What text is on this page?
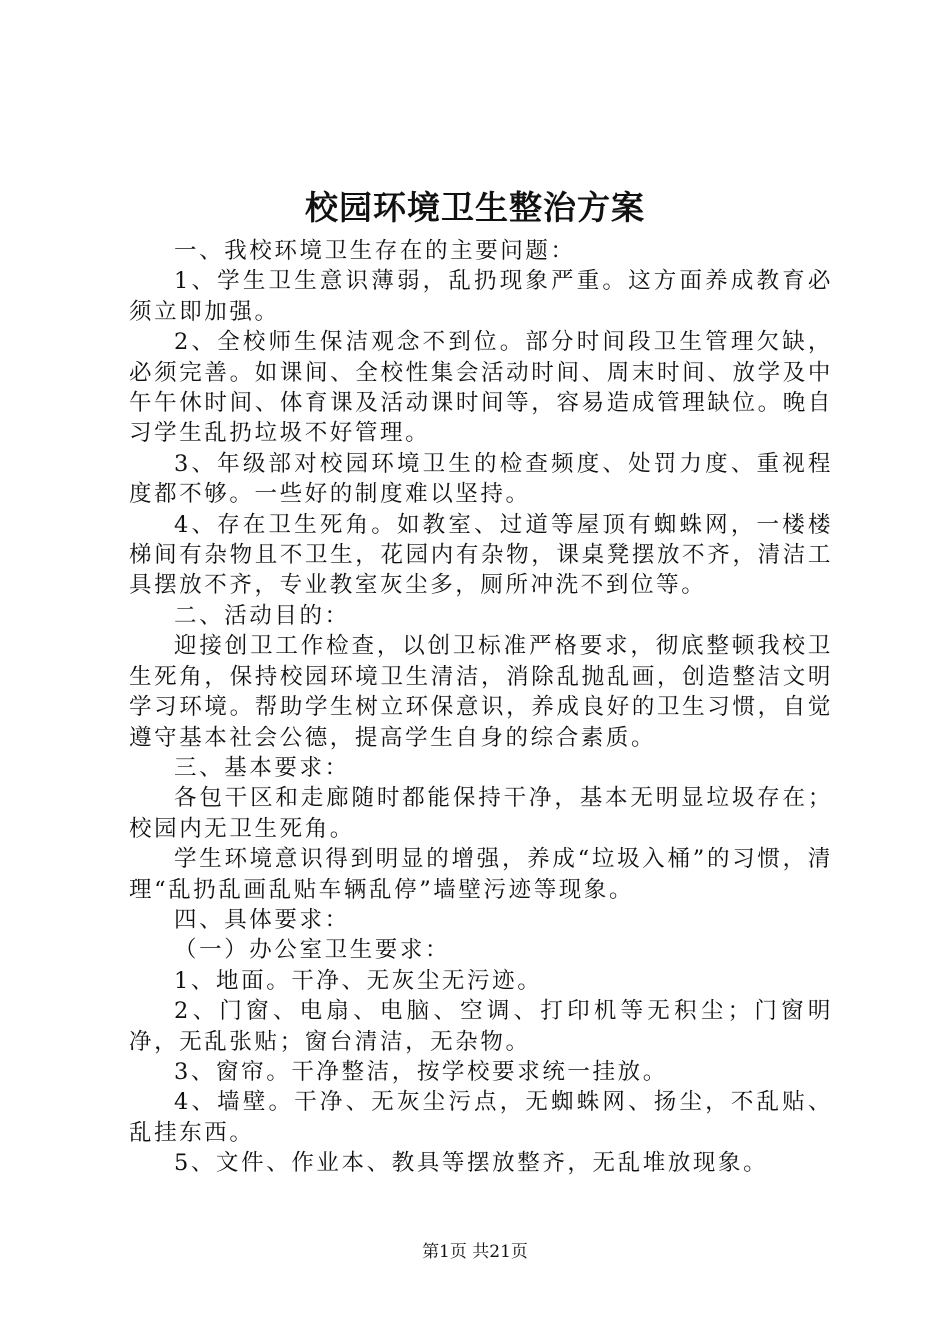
校园环境卫生整治方案

一、我校环境卫生存在的主要问题：

1、学生卫生意识薄弱，乱扔现象严重。这方面养成教育必须立即加强。

2、全校师生保洁观念不到位。部分时间段卫生管理欠缺，必须完善。如课间、全校性集会活动时间、周末时间、放学及中午午休时间、体育课及活动课时间等，容易造成管理缺位。晚自习学生乱扔垃圾不好管理。

3、年级部对校园环境卫生的检查频度、处罚力度、重视程度都不够。一些好的制度难以坚持。

4、存在卫生死角。如教室、过道等屋顶有蜘蛛网，一楼楼梯间有杂物且不卫生，花园内有杂物，课桌凳摆放不齐，清洁工具摆放不齐，专业教室灰尘多，厕所冲洗不到位等。

二、活动目的：

迎接创卫工作检查，以创卫标准严格要求，彻底整顿我校卫生死角，保持校园环境卫生清洁，消除乱抛乱画，创造整洁文明学习环境。帮助学生树立环保意识，养成良好的卫生习惯，自觉遵守基本社会公德，提高学生自身的综合素质。

三、基本要求：

各包干区和走廊随时都能保持干净，基本无明显垃圾存在；校园内无卫生死角。

学生环境意识得到明显的增强，养成“垃圾入桶”的习惯，清理“乱扔乱画乱贴车辆乱停”墙壁污迹等现象。

四、具体要求：

（一）办公室卫生要求：

1、地面。干净、无灰尘无污迹。

2、门窗、电扇、电脑、空调、打印机等无积尘；门窗明净，无乱张贴；窗台清洁，无杂物。

3、窗帘。干净整洁，按学校要求统一挂放。

4、墙壁。干净、无灰尘污点，无蜘蛛网、扬尘，不乱贴、乱挂东西。

5、文件、作业本、教具等摆放整齐，无乱堆放现象。

第1页 共21页
